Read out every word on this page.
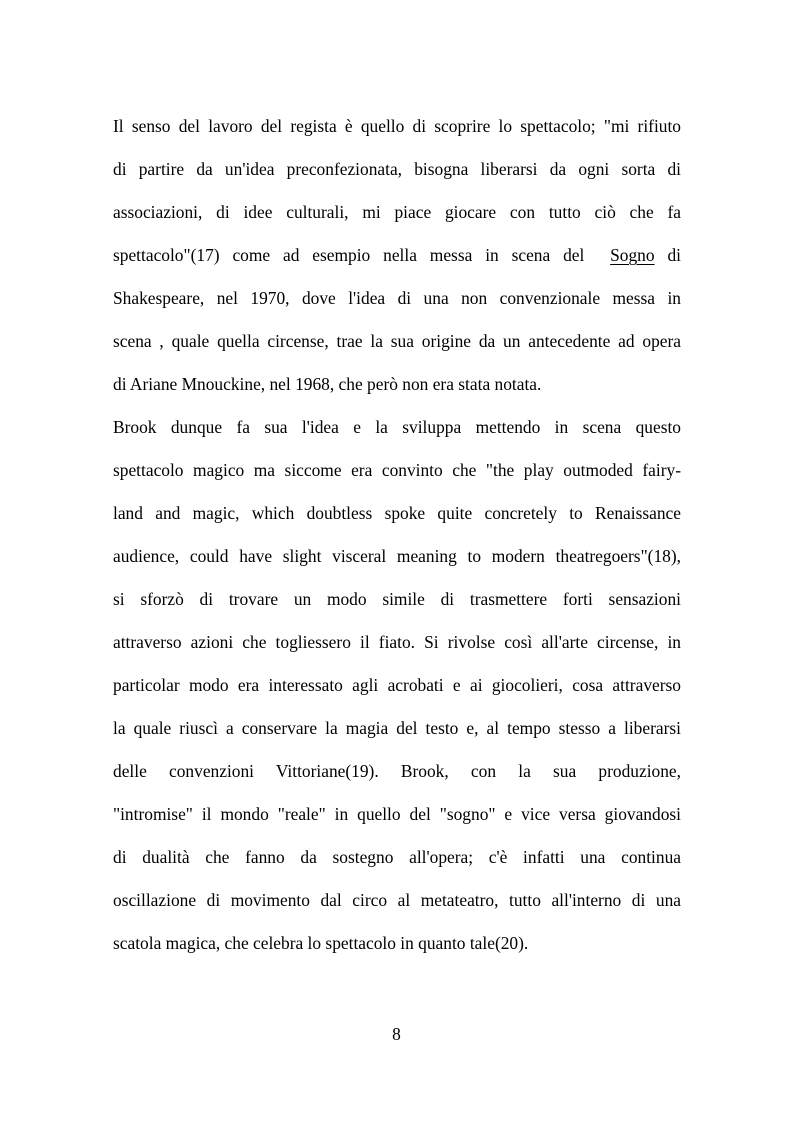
Il senso del lavoro del regista è quello di scoprire lo spettacolo; "mi rifiuto
di partire da un'idea preconfezionata, bisogna liberarsi da ogni sorta di
associazioni, di idee culturali, mi piace giocare con tutto ciò che fa
spettacolo"(17) come ad esempio nella messa in scena del Sogno di
Shakespeare, nel 1970, dove l'idea di una non convenzionale messa in
scena , quale quella circense, trae la sua origine da un antecedente ad opera
di Ariane Mnouckine, nel 1968, che però non era stata notata.
Brook dunque fa sua l'idea e la sviluppa mettendo in scena questo
spettacolo magico ma siccome era convinto che "the play outmoded fairy-
land and magic, which doubtless spoke quite concretely to Renaissance
audience, could have slight visceral meaning to modern theatregoers"(18),
si sforzò di trovare un modo simile di trasmettere forti sensazioni
attraverso azioni che togliessero il fiato. Si rivolse così all'arte circense, in
particolar modo era interessato agli acrobati e ai giocolieri, cosa attraverso
la quale riuscì a conservare la magia del testo e, al tempo stesso a liberarsi
delle convenzioni Vittoriane(19). Brook, con la sua produzione,
"intromise" il mondo "reale" in quello del "sogno" e vice versa giovandosi
di dualità che fanno da sostegno all'opera; c'è infatti una continua
oscillazione di movimento dal circo al metateatro, tutto all'interno di una
scatola magica, che celebra lo spettacolo in quanto tale(20).
8
